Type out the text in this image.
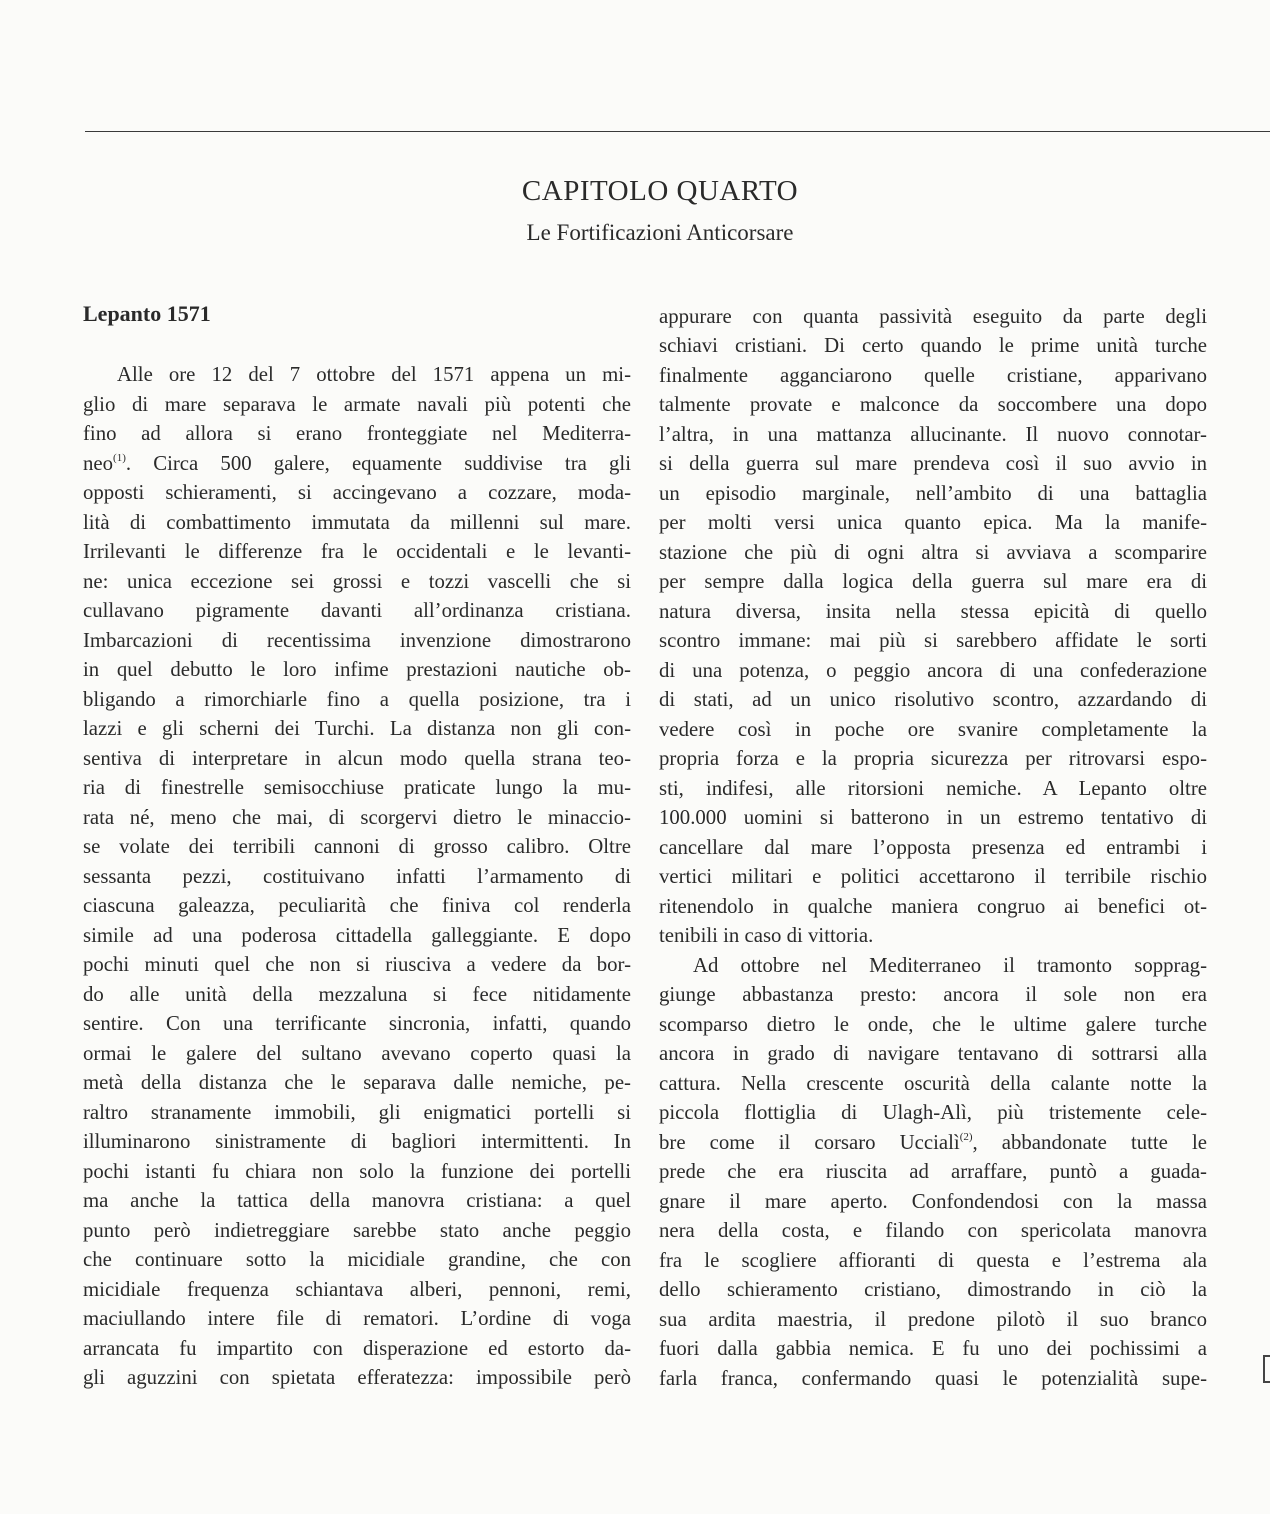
CAPITOLO QUARTO
Le Fortificazioni Anticorsare
Lepanto 1571
Alle ore 12 del 7 ottobre del 1571 appena un mi-
glio di mare separava le armate navali più potenti che
fino ad allora si erano fronteggiate nel Mediterra-
neo$^{(1)}$. Circa 500 galere, equamente suddivise tra gli
opposti schieramenti, si accingevano a cozzare, moda-
lità di combattimento immutata da millenni sul mare.
Irrilevanti le differenze fra le occidentali e le levanti-
ne: unica eccezione sei grossi e tozzi vascelli che si
cullavano pigramente davanti all’ordinanza cristiana.
Imbarcazioni di recentissima invenzione dimostrarono
in quel debutto le loro infime prestazioni nautiche ob-
bligando a rimorchiarle fino a quella posizione, tra i
lazzi e gli scherni dei Turchi. La distanza non gli con-
sentiva di interpretare in alcun modo quella strana teo-
ria di finestrelle semisocchiuse praticate lungo la mu-
rata né, meno che mai, di scorgervi dietro le minaccio-
se volate dei terribili cannoni di grosso calibro. Oltre
sessanta pezzi, costituivano infatti l’armamento di
ciascuna galeazza, peculiarità che finiva col renderla
simile ad una poderosa cittadella galleggiante. E dopo
pochi minuti quel che non si riusciva a vedere da bor-
do alle unità della mezzaluna si fece nitidamente
sentire. Con una terrificante sincronia, infatti, quando
ormai le galere del sultano avevano coperto quasi la
metà della distanza che le separava dalle nemiche, pe-
raltro stranamente immobili, gli enigmatici portelli si
illuminarono sinistramente di bagliori intermittenti. In
pochi istanti fu chiara non solo la funzione dei portelli
ma anche la tattica della manovra cristiana: a quel
punto però indietreggiare sarebbe stato anche peggio
che continuare sotto la micidiale grandine, che con
micidiale frequenza schiantava alberi, pennoni, remi,
maciullando intere file di rematori. L’ordine di voga
arrancata fu impartito con disperazione ed estorto da-
gli aguzzini con spietata efferatezza: impossibile però
appurare con quanta passività eseguito da parte degli
schiavi cristiani. Di certo quando le prime unità turche
finalmente agganciarono quelle cristiane, apparivano
talmente provate e malconce da soccombere una dopo
l’altra, in una mattanza allucinante. Il nuovo connotar-
si della guerra sul mare prendeva così il suo avvio in
un episodio marginale, nell’ambito di una battaglia
per molti versi unica quanto epica. Ma la manife-
stazione che più di ogni altra si avviava a scomparire
per sempre dalla logica della guerra sul mare era di
natura diversa, insita nella stessa epicità di quello
scontro immane: mai più si sarebbero affidate le sorti
di una potenza, o peggio ancora di una confederazione
di stati, ad un unico risolutivo scontro, azzardando di
vedere così in poche ore svanire completamente la
propria forza e la propria sicurezza per ritrovarsi espo-
sti, indifesi, alle ritorsioni nemiche. A Lepanto oltre
100.000 uomini si batterono in un estremo tentativo di
cancellare dal mare l’opposta presenza ed entrambi i
vertici militari e politici accettarono il terribile rischio
ritenendolo in qualche maniera congruo ai benefici ot-
tenibili in caso di vittoria.
Ad ottobre nel Mediterraneo il tramonto sopprag-
giunge abbastanza presto: ancora il sole non era
scomparso dietro le onde, che le ultime galere turche
ancora in grado di navigare tentavano di sottrarsi alla
cattura. Nella crescente oscurità della calante notte la
piccola flottiglia di Ulagh-Alì, più tristemente cele-
bre come il corsaro Uccialì$^{(2)}$, abbandonate tutte le
prede che era riuscita ad arraffare, puntò a guada-
gnare il mare aperto. Confondendosi con la massa
nera della costa, e filando con spericolata manovra
fra le scogliere affioranti di questa e l’estrema ala
dello schieramento cristiano, dimostrando in ciò la
sua ardita maestria, il predone pilotò il suo branco
fuori dalla gabbia nemica. E fu uno dei pochissimi a
farla franca, confermando quasi le potenzialità supe-
